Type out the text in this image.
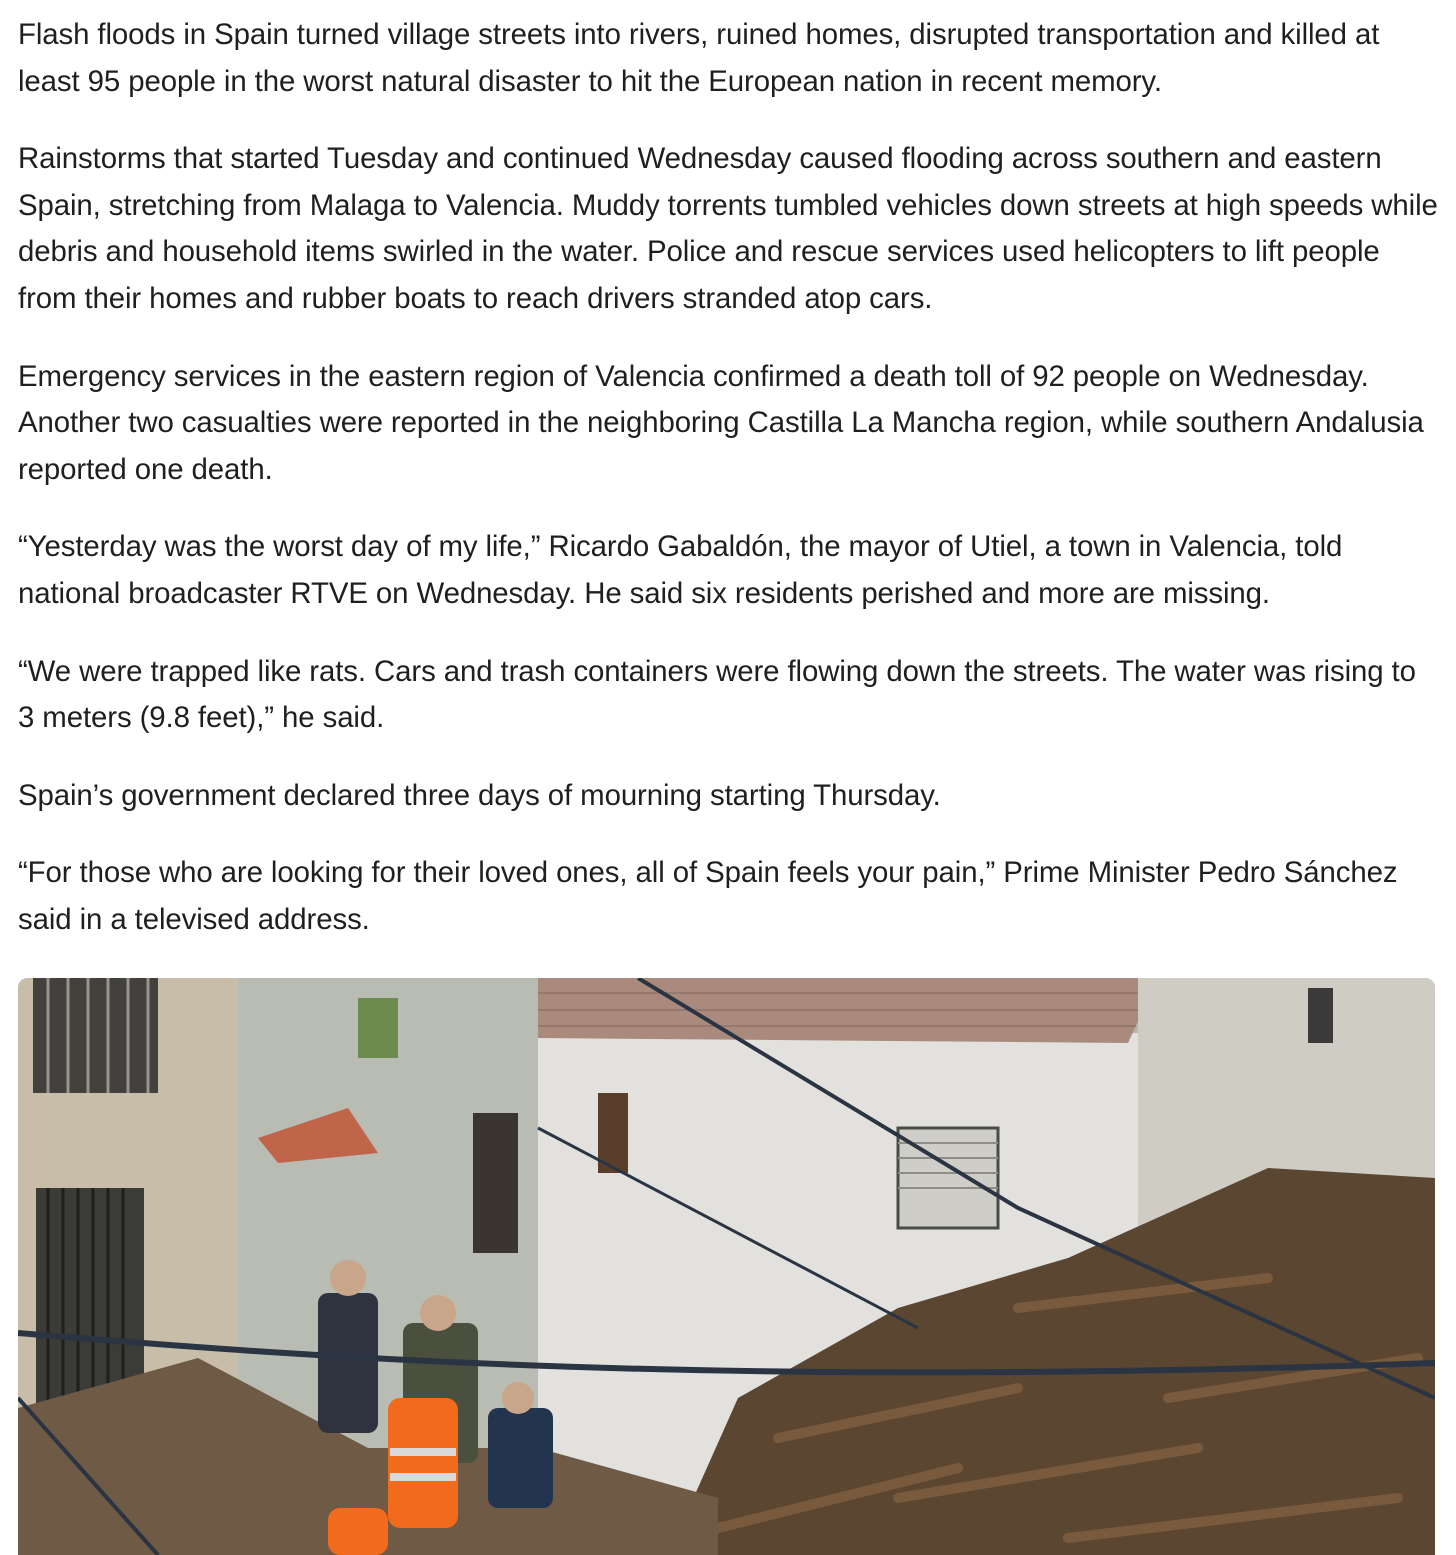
Flash floods in Spain turned village streets into rivers, ruined homes, disrupted transportation and killed at least 95 people in the worst natural disaster to hit the European nation in recent memory.

Rainstorms that started Tuesday and continued Wednesday caused flooding across southern and eastern Spain, stretching from Malaga to Valencia. Muddy torrents tumbled vehicles down streets at high speeds while debris and household items swirled in the water. Police and rescue services used helicopters to lift people from their homes and rubber boats to reach drivers stranded atop cars.

Emergency services in the eastern region of Valencia confirmed a death toll of 92 people on Wednesday. Another two casualties were reported in the neighboring Castilla La Mancha region, while southern Andalusia reported one death.

“Yesterday was the worst day of my life,” Ricardo Gabaldón, the mayor of Utiel, a town in Valencia, told national broadcaster RTVE on Wednesday. He said six residents perished and more are missing.

“We were trapped like rats. Cars and trash containers were flowing down the streets. The water was rising to 3 meters (9.8 feet),” he said.

Spain’s government declared three days of mourning starting Thursday.

“For those who are looking for their loved ones, all of Spain feels your pain,” Prime Minister Pedro Sánchez said in a televised address.
